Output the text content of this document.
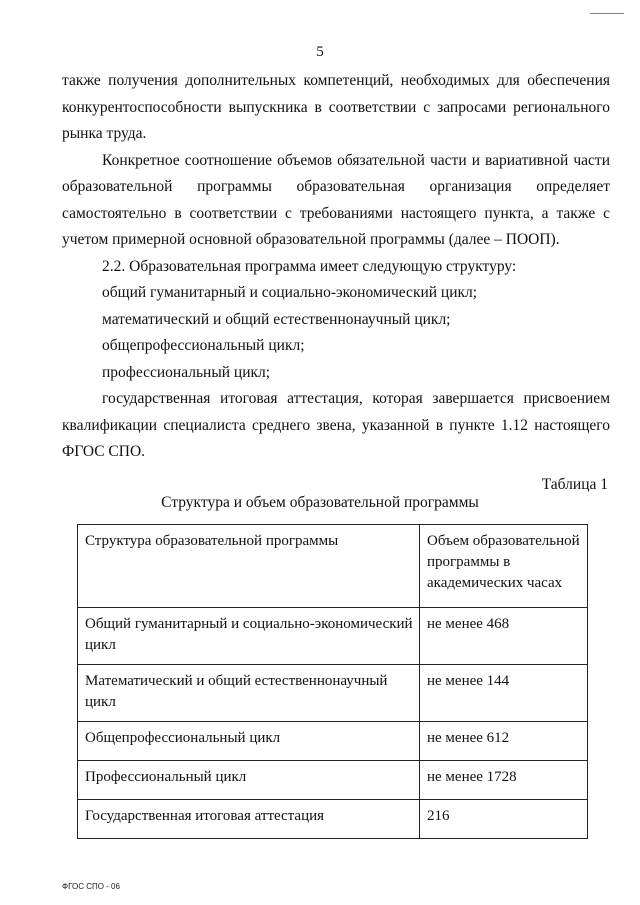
5

также получения дополнительных компетенций, необходимых для обеспечения конкурентоспособности выпускника в соответствии с запросами регионального рынка труда.

Конкретное соотношение объемов обязательной части и вариативной части образовательной программы образовательная организация определяет самостоятельно в соответствии с требованиями настоящего пункта, а также с учетом примерной основной образовательной программы (далее – ПООП).

2.2. Образовательная программа имеет следующую структуру:

общий гуманитарный и социально-экономический цикл;

математический и общий естественнонаучный цикл;

общепрофессиональный цикл;

профессиональный цикл;

государственная итоговая аттестация, которая завершается присвоением квалификации специалиста среднего звена, указанной в пункте 1.12 настоящего ФГОС СПО.

Таблица 1
Структура и объем образовательной программы
Структура образовательной программы	Объем образовательной программы в академических часах
Общий гуманитарный и социально-экономический цикл	не менее 468
Математический и общий естественнонаучный цикл	не менее 144
Общепрофессиональный цикл	не менее 612
Профессиональный цикл	не менее 1728
Государственная итоговая аттестация	216
ФГОС СПО - 06
